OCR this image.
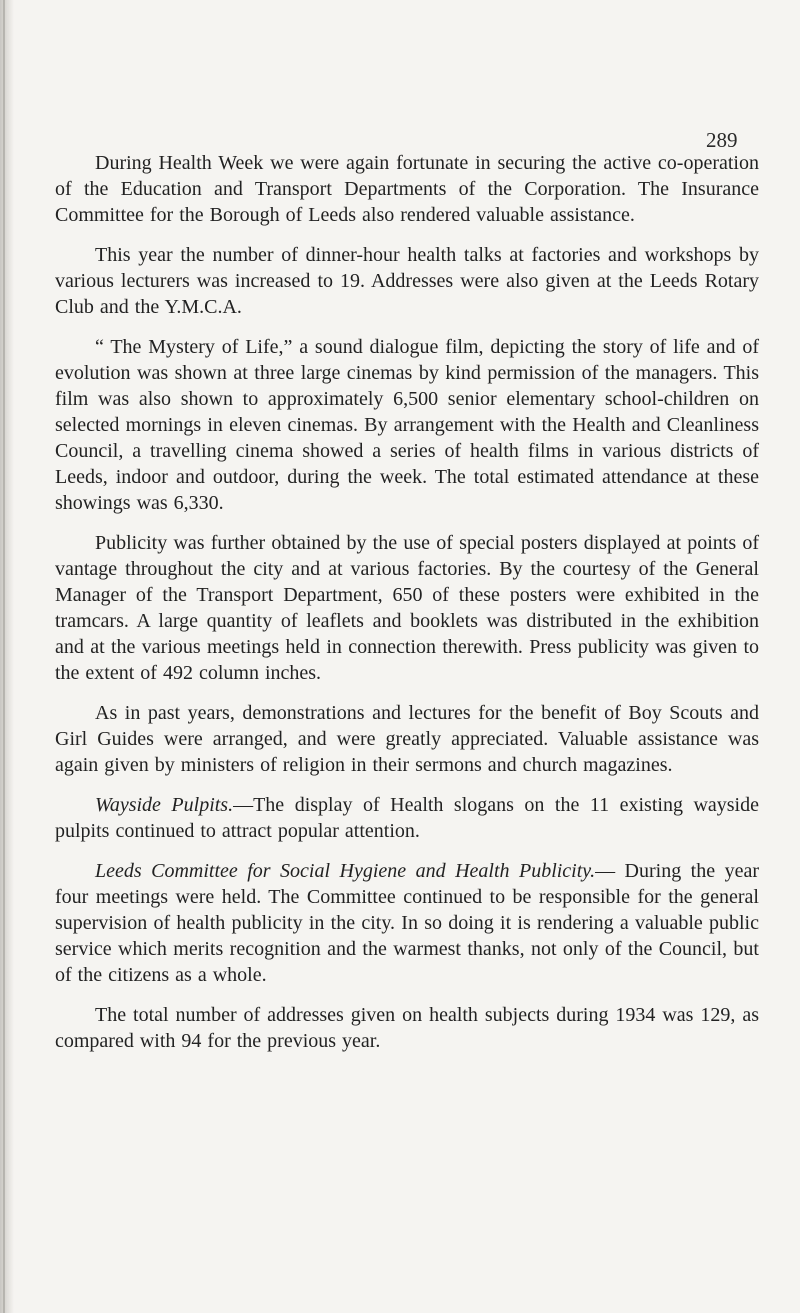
289

During Health Week we were again fortunate in securing the active co-operation of the Education and Transport Departments of the Corporation. The Insurance Committee for the Borough of Leeds also rendered valuable assistance.

This year the number of dinner-hour health talks at factories and workshops by various lecturers was increased to 19. Addresses were also given at the Leeds Rotary Club and the Y.M.C.A.

“ The Mystery of Life,” a sound dialogue film, depicting the story of life and of evolution was shown at three large cinemas by kind permission of the managers. This film was also shown to approximately 6,500 senior elementary school-children on selected mornings in eleven cinemas. By arrangement with the Health and Cleanliness Council, a travelling cinema showed a series of health films in various districts of Leeds, indoor and outdoor, during the week. The total estimated attendance at these showings was 6,330.

Publicity was further obtained by the use of special posters displayed at points of vantage throughout the city and at various factories. By the courtesy of the General Manager of the Transport Department, 650 of these posters were exhibited in the tramcars. A large quantity of leaflets and booklets was distributed in the exhibition and at the various meetings held in connection therewith. Press publicity was given to the extent of 492 column inches.

As in past years, demonstrations and lectures for the benefit of Boy Scouts and Girl Guides were arranged, and were greatly appreciated. Valuable assistance was again given by ministers of religion in their sermons and church magazines.

Wayside Pulpits.—The display of Health slogans on the 11 existing wayside pulpits continued to attract popular attention.

Leeds Committee for Social Hygiene and Health Publicity.— During the year four meetings were held. The Committee continued to be responsible for the general supervision of health publicity in the city. In so doing it is rendering a valuable public service which merits recognition and the warmest thanks, not only of the Council, but of the citizens as a whole.

The total number of addresses given on health subjects during 1934 was 129, as compared with 94 for the previous year.
